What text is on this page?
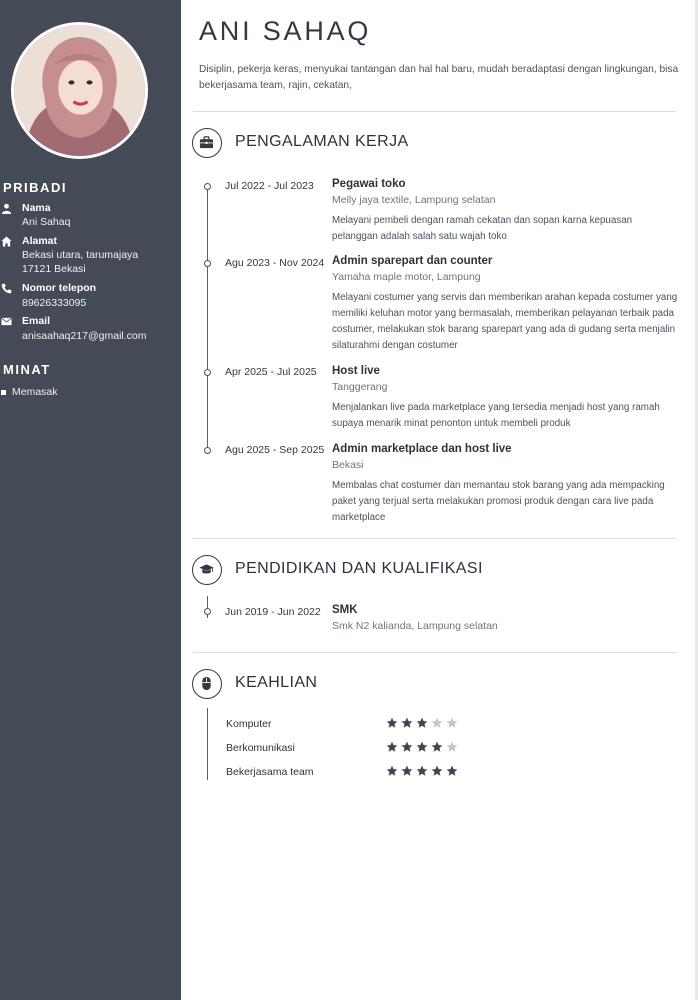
PRIBADI
Nama
Ani Sahaq
Alamat
Bekasi utara, tarumajaya
17121 Bekasi
Nomor telepon
89626333095
Email
anisaahaq217@gmail.com
MINAT
Memasak
ANI SAHAQ

Disiplin, pekerja keras, menyukai tantangan dan hal hal baru, mudah beradaptasi dengan lingkungan, bisa bekerjasama team, rajin, cekatan,

PENGALAMAN KERJA
Jul 2022 - Jul 2023 Pegawai toko
Melly jaya textile, Lampung selatan
Melayani pembeli dengan ramah cekatan dan sopan karna kepuasan pelanggan adalah salah satu wajah toko
Agu 2023 - Nov 2024 Admin sparepart dan counter
Yamaha maple motor, Lampung
Melayani costumer yang servis dan memberikan arahan kepada costumer yang memiliki keluhan motor yang bermasalah, memberikan pelayanan terbaik pada costumer, melakukan stok barang sparepart yang ada di gudang serta menjalin silaturahmi dengan costumer
Apr 2025 - Jul 2025 Host live
Tanggerang
Menjalankan live pada marketplace yang tersedia menjadi host yang ramah supaya menarik minat penonton untuk membeli produk
Agu 2025 - Sep 2025 Admin marketplace dan host live
Bekasi
Membalas chat costumer dan memantau stok barang yang ada mempacking paket yang terjual serta melakukan promosi produk dengan cara live pada marketplace
PENDIDIKAN DAN KUALIFIKASI
Jun 2019 - Jun 2022 SMK
Smk N2 kalianda, Lampung selatan
KEAHLIAN
Komputer
Berkomunikasi
Bekerjasama team
